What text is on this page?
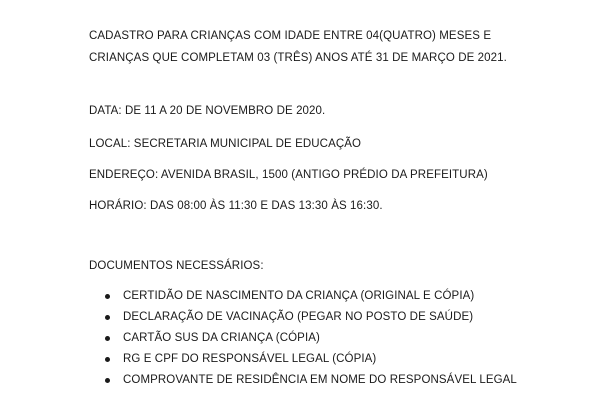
CADASTRO PARA CRIANÇAS COM IDADE ENTRE 04(QUATRO) MESES E
CRIANÇAS QUE COMPLETAM 03 (TRÊS) ANOS ATÉ 31 DE MARÇO DE 2021.
DATA: DE 11 A 20 DE NOVEMBRO DE 2020.
LOCAL: SECRETARIA MUNICIPAL DE EDUCAÇÃO
ENDEREÇO: AVENIDA BRASIL, 1500 (ANTIGO PRÉDIO DA PREFEITURA)
HORÁRIO: DAS 08:00 ÀS 11:30 E DAS 13:30 ÀS 16:30.
DOCUMENTOS NECESSÁRIOS:
CERTIDÃO DE NASCIMENTO DA CRIANÇA (ORIGINAL E CÓPIA)
DECLARAÇÃO DE VACINAÇÃO (PEGAR NO POSTO DE SAÚDE)
CARTÃO SUS DA CRIANÇA (CÓPIA)
RG E CPF DO RESPONSÁVEL LEGAL (CÓPIA)
COMPROVANTE DE RESIDÊNCIA EM NOME DO RESPONSÁVEL LEGAL
